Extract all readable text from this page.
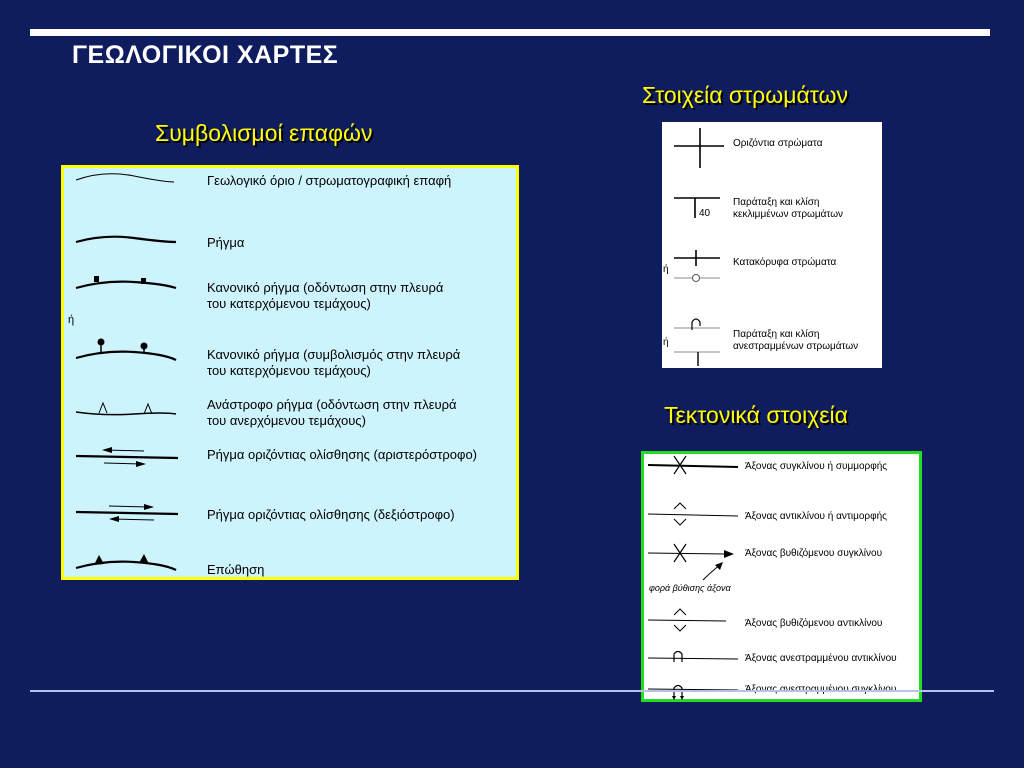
ΓΕΩΛΟΓΙΚΟΙ ΧΑΡΤΕΣ
Συμβολισμοί επαφών
Γεωλογικό όριο / στρωματογραφική επαφή
Ρήγμα
Κανονικό ρήγμα (οδόντωση στην πλευρά
του κατερχόμενου τεμάχους)
ή
Κανονικό ρήγμα (συμβολισμός στην πλευρά
του κατερχόμενου τεμάχους)
Ανάστροφο ρήγμα (οδόντωση στην πλευρά
του ανερχόμενου τεμάχους)
Ρήγμα οριζόντιας ολίσθησης (αριστερόστροφο)
Ρήγμα οριζόντιας ολίσθησης (δεξιόστροφο)
Επώθηση
Στοιχεία στρωμάτων
Οριζόντια στρώματα
40
Παράταξη και κλίση
κεκλιμμένων στρωμάτων
ή
Κατακόρυφα στρώματα
ή
Παράταξη και κλίση
ανεστραμμένων στρωμάτων
Τεκτονικά στοιχεία
Άξονας συγκλίνου ή συμμορφής
Άξονας αντικλίνου ή αντιμορφής
Άξονας βυθιζόμενου συγκλίνου
φορά βύθισης άξονα
Άξονας βυθιζόμενου αντικλίνου
Άξονας ανεστραμμένου αντικλίνου
